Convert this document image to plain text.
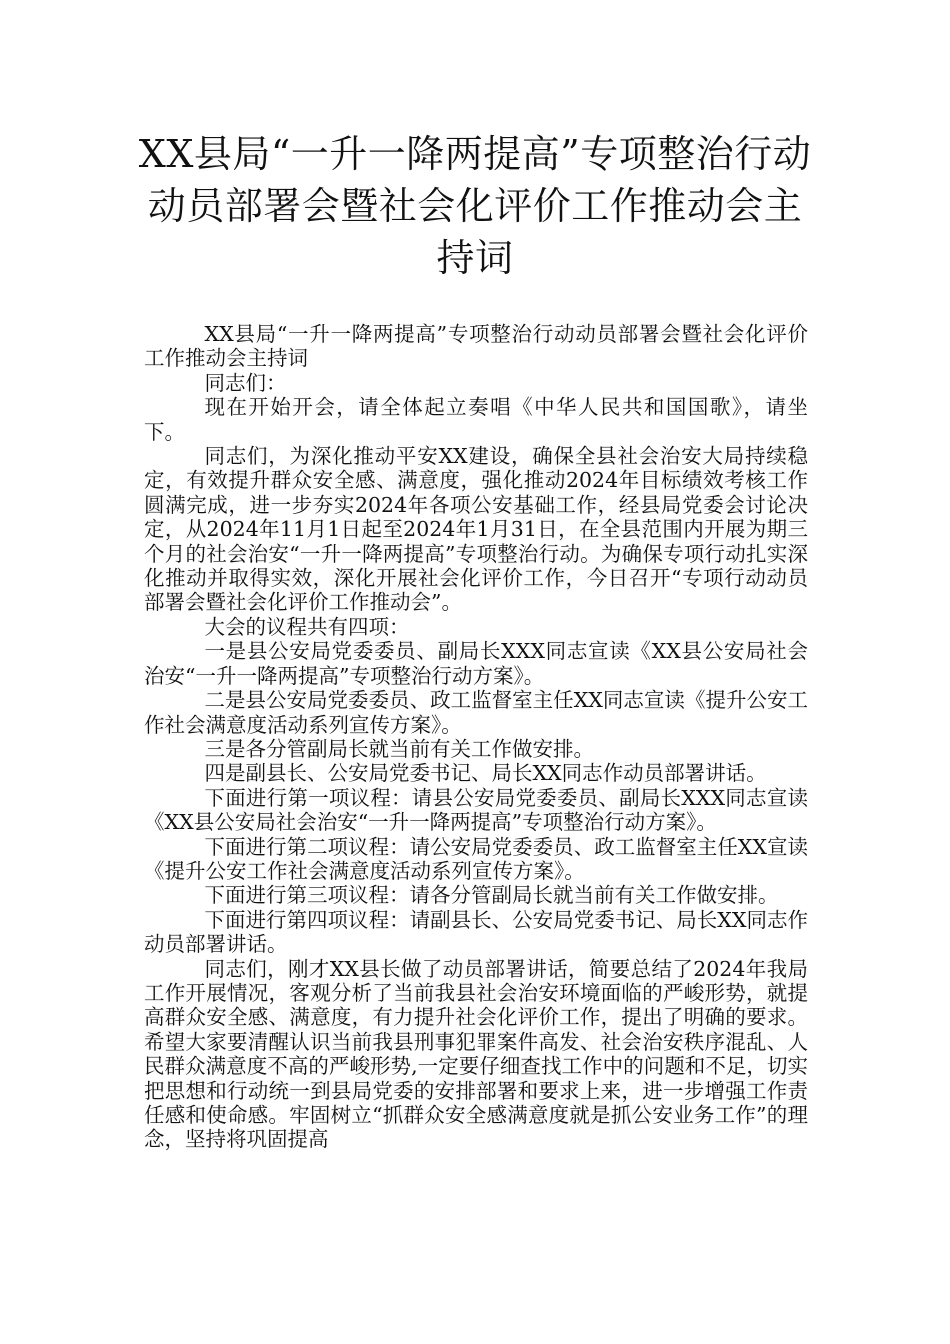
XX县局“一升一降两提高”专项整治行动动员部署会暨社会化评价工作推动会主持词

XX县局“一升一降两提高”专项整治行动动员部署会暨社会化评价工作推动会主持词

同志们：

现在开始开会，请全体起立奏唱《中华人民共和国国歌》，请坐下。

同志们，为深化推动平安XX建设，确保全县社会治安大局持续稳定，有效提升群众安全感、满意度，强化推动2024年目标绩效考核工作圆满完成，进一步夯实2024年各项公安基础工作，经县局党委会讨论决定，从2024年11月1日起至2024年1月31日，在全县范围内开展为期三个月的社会治安“一升一降两提高”专项整治行动。为确保专项行动扎实深化推动并取得实效，深化开展社会化评价工作，今日召开“专项行动动员部署会暨社会化评价工作推动会”。

大会的议程共有四项：

一是县公安局党委委员、副局长XXX同志宣读《XX县公安局社会治安“一升一降两提高”专项整治行动方案》。

二是县公安局党委委员、政工监督室主任XX同志宣读《提升公安工作社会满意度活动系列宣传方案》。

三是各分管副局长就当前有关工作做安排。

四是副县长、公安局党委书记、局长XX同志作动员部署讲话。

下面进行第一项议程：请县公安局党委委员、副局长XXX同志宣读《XX县公安局社会治安“一升一降两提高”专项整治行动方案》。

下面进行第二项议程：请公安局党委委员、政工监督室主任XX宣读《提升公安工作社会满意度活动系列宣传方案》。

下面进行第三项议程：请各分管副局长就当前有关工作做安排。

下面进行第四项议程：请副县长、公安局党委书记、局长XX同志作动员部署讲话。

同志们，刚才XX县长做了动员部署讲话，简要总结了2024年我局工作开展情况，客观分析了当前我县社会治安环境面临的严峻形势，就提高群众安全感、满意度，有力提升社会化评价工作，提出了明确的要求。希望大家要清醒认识当前我县刑事犯罪案件高发、社会治安秩序混乱、人民群众满意度不高的严峻形势,一定要仔细查找工作中的问题和不足，切实把思想和行动统一到县局党委的安排部署和要求上来，进一步增强工作责任感和使命感。牢固树立“抓群众安全感满意度就是抓公安业务工作”的理念，坚持将巩固提高
